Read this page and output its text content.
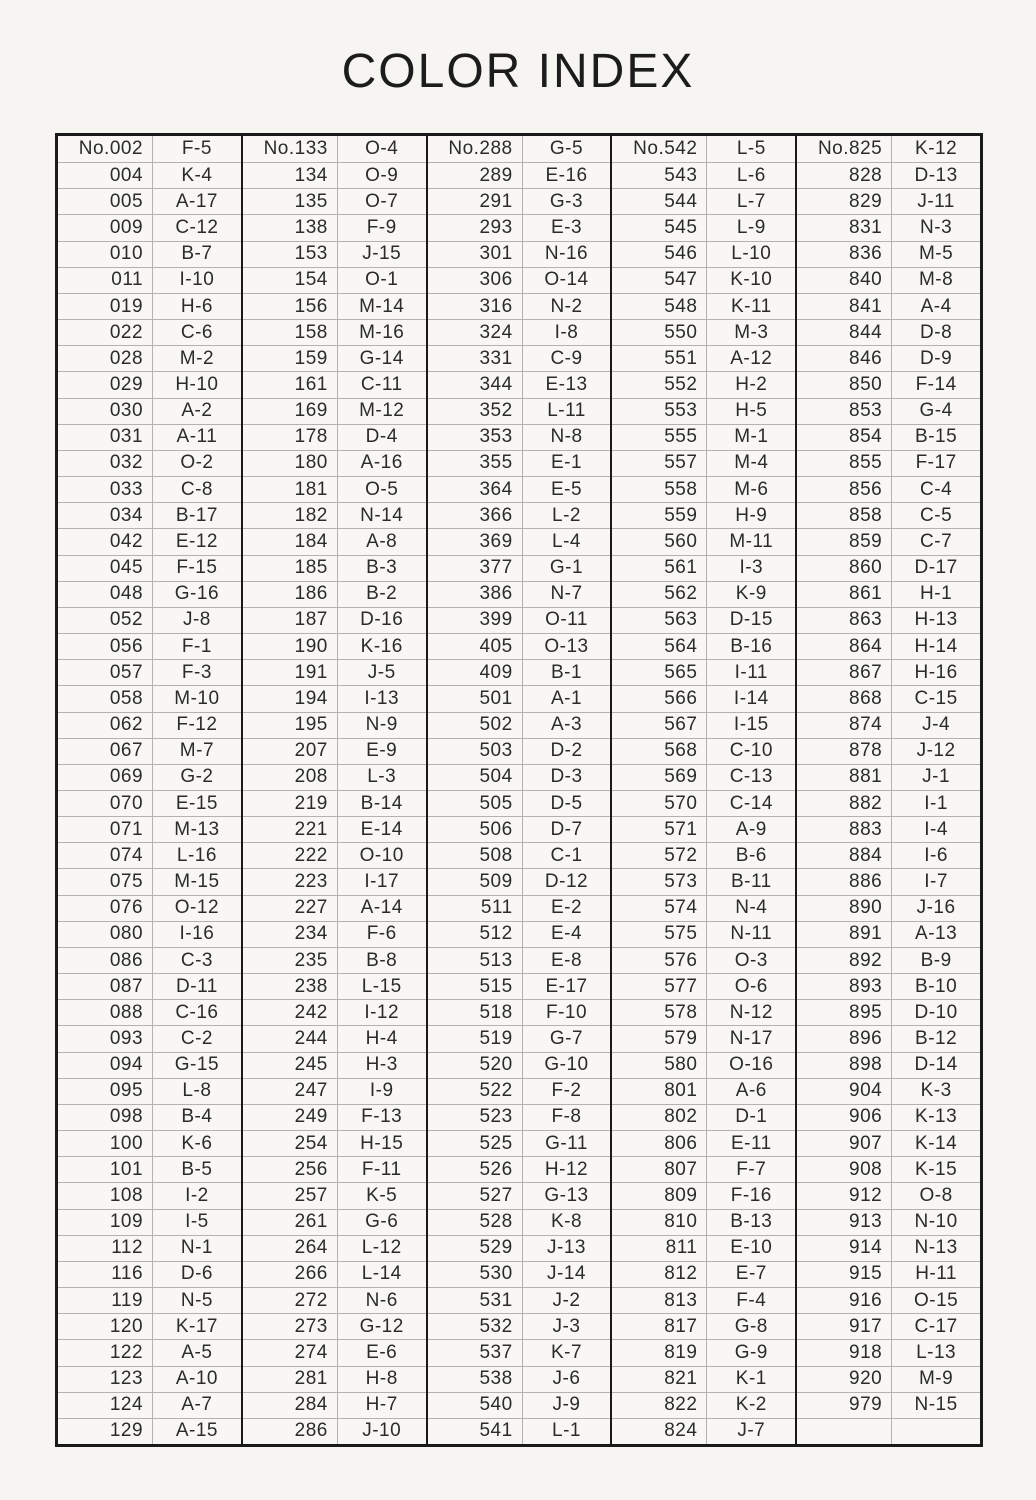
COLOR INDEX
No.002	F-5
004	K-4
005	A-17
009	C-12
010	B-7
011	I-10
019	H-6
022	C-6
028	M-2
029	H-10
030	A-2
031	A-11
032	O-2
033	C-8
034	B-17
042	E-12
045	F-15
048	G-16
052	J-8
056	F-1
057	F-3
058	M-10
062	F-12
067	M-7
069	G-2
070	E-15
071	M-13
074	L-16
075	M-15
076	O-12
080	I-16
086	C-3
087	D-11
088	C-16
093	C-2
094	G-15
095	L-8
098	B-4
100	K-6
101	B-5
108	I-2
109	I-5
112	N-1
116	D-6
119	N-5
120	K-17
122	A-5
123	A-10
124	A-7
129	A-15
No.133	O-4
134	O-9
135	O-7
138	F-9
153	J-15
154	O-1
156	M-14
158	M-16
159	G-14
161	C-11
169	M-12
178	D-4
180	A-16
181	O-5
182	N-14
184	A-8
185	B-3
186	B-2
187	D-16
190	K-16
191	J-5
194	I-13
195	N-9
207	E-9
208	L-3
219	B-14
221	E-14
222	O-10
223	I-17
227	A-14
234	F-6
235	B-8
238	L-15
242	I-12
244	H-4
245	H-3
247	I-9
249	F-13
254	H-15
256	F-11
257	K-5
261	G-6
264	L-12
266	L-14
272	N-6
273	G-12
274	E-6
281	H-8
284	H-7
286	J-10
No.288	G-5
289	E-16
291	G-3
293	E-3
301	N-16
306	O-14
316	N-2
324	I-8
331	C-9
344	E-13
352	L-11
353	N-8
355	E-1
364	E-5
366	L-2
369	L-4
377	G-1
386	N-7
399	O-11
405	O-13
409	B-1
501	A-1
502	A-3
503	D-2
504	D-3
505	D-5
506	D-7
508	C-1
509	D-12
511	E-2
512	E-4
513	E-8
515	E-17
518	F-10
519	G-7
520	G-10
522	F-2
523	F-8
525	G-11
526	H-12
527	G-13
528	K-8
529	J-13
530	J-14
531	J-2
532	J-3
537	K-7
538	J-6
540	J-9
541	L-1
No.542	L-5
543	L-6
544	L-7
545	L-9
546	L-10
547	K-10
548	K-11
550	M-3
551	A-12
552	H-2
553	H-5
555	M-1
557	M-4
558	M-6
559	H-9
560	M-11
561	I-3
562	K-9
563	D-15
564	B-16
565	I-11
566	I-14
567	I-15
568	C-10
569	C-13
570	C-14
571	A-9
572	B-6
573	B-11
574	N-4
575	N-11
576	O-3
577	O-6
578	N-12
579	N-17
580	O-16
801	A-6
802	D-1
806	E-11
807	F-7
809	F-16
810	B-13
811	E-10
812	E-7
813	F-4
817	G-8
819	G-9
821	K-1
822	K-2
824	J-7
No.825	K-12
828	D-13
829	J-11
831	N-3
836	M-5
840	M-8
841	A-4
844	D-8
846	D-9
850	F-14
853	G-4
854	B-15
855	F-17
856	C-4
858	C-5
859	C-7
860	D-17
861	H-1
863	H-13
864	H-14
867	H-16
868	C-15
874	J-4
878	J-12
881	J-1
882	I-1
883	I-4
884	I-6
886	I-7
890	J-16
891	A-13
892	B-9
893	B-10
895	D-10
896	B-12
898	D-14
904	K-3
906	K-13
907	K-14
908	K-15
912	O-8
913	N-10
914	N-13
915	H-11
916	O-15
917	C-17
918	L-13
920	M-9
979	N-15
